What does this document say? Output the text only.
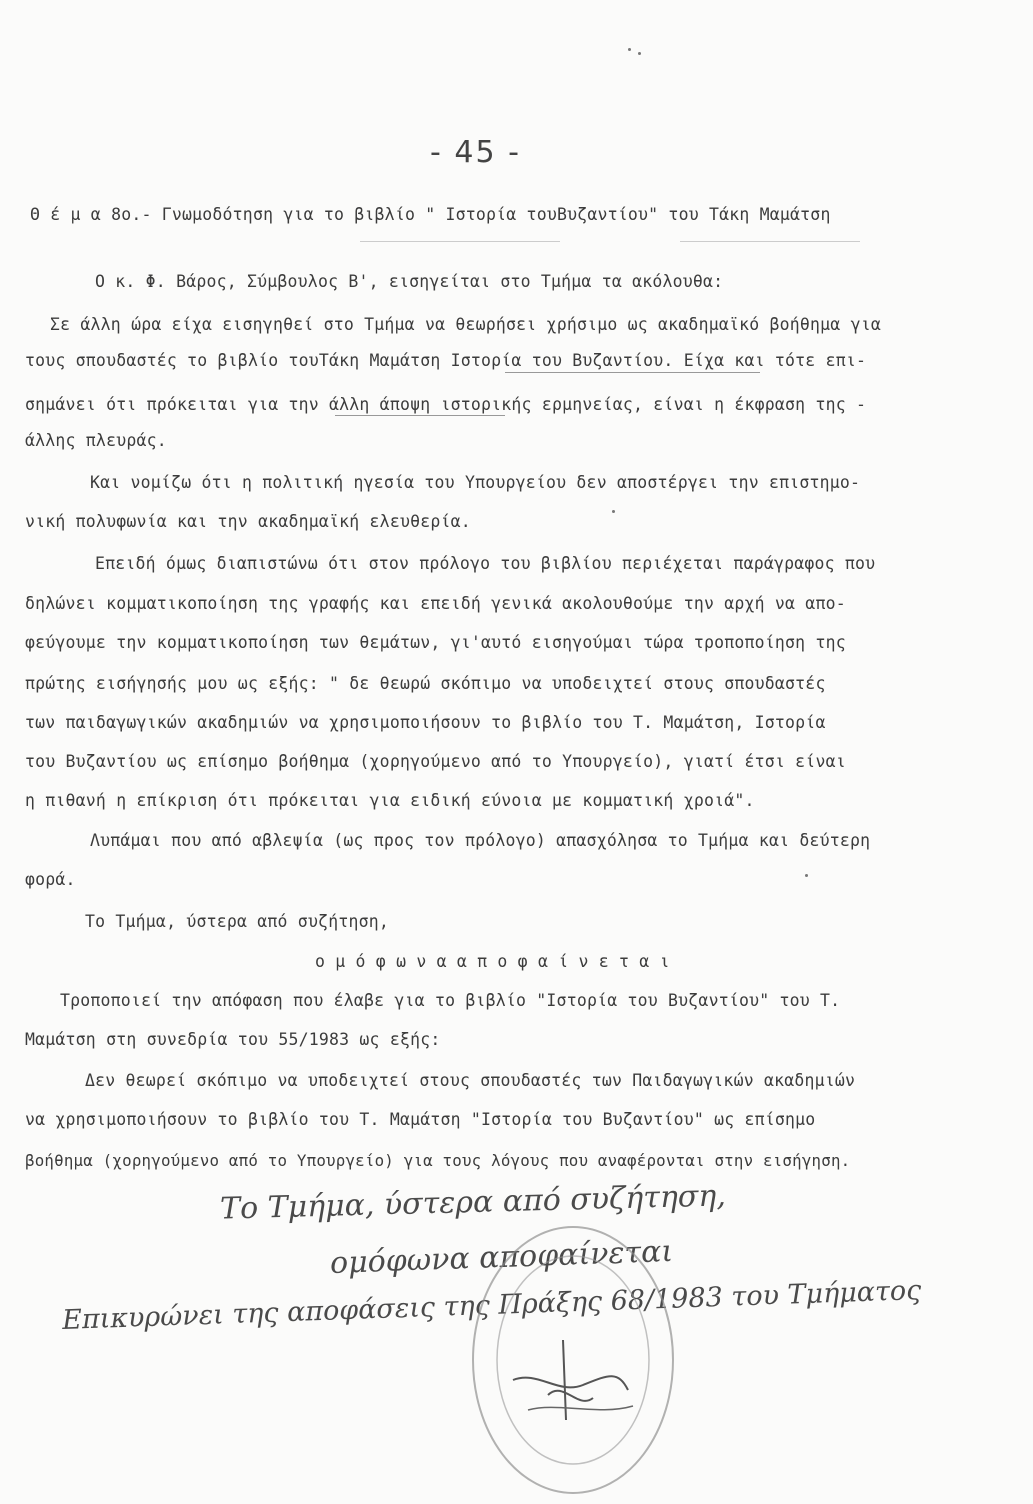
- 45 -
Θ έ μ α 8ο.- Γνωμοδότηση για το βιβλίο " Ιστορία τουΒυζαντίου" του Τάκη Μαμάτση
Ο κ. Φ. Βάρος, Σύμβουλος Β', εισηγείται στο Τμήμα τα ακόλουθα:
Σε άλλη ώρα είχα εισηγηθεί στο Τμήμα να θεωρήσει χρήσιμο ως ακαδημαϊκό βοήθημα για
τους σπουδαστές το βιβλίο τουΤάκη Μαμάτση Ιστορία του Βυζαντίου. Είχα και τότε επι-
σημάνει ότι πρόκειται για την άλλη άποψη ιστορικής ερμηνείας, είναι η έκφραση της -
άλλης πλευράς.
Και νομίζω ότι η πολιτική ηγεσία του Υπουργείου δεν αποστέργει την επιστημο-
νική πολυφωνία και την ακαδημαϊκή ελευθερία.
Επειδή όμως διαπιστώνω ότι στον πρόλογο του βιβλίου περιέχεται παράγραφος που
δηλώνει κομματικοποίηση της γραφής και επειδή γενικά ακολουθούμε την αρχή να απο-
φεύγουμε την κομματικοποίηση των θεμάτων, γι'αυτό εισηγούμαι τώρα τροποποίηση της
πρώτης εισήγησής μου ως εξής: " δε θεωρώ σκόπιμο να υποδειχτεί στους σπουδαστές
των παιδαγωγικών ακαδημιών να χρησιμοποιήσουν το βιβλίο του Τ. Μαμάτση, Ιστορία
του Βυζαντίου ως επίσημο βοήθημα (χορηγούμενο από το Υπουργείο), γιατί έτσι είναι
η πιθανή η επίκριση ότι πρόκειται για ειδική εύνοια με κομματική χροιά".
Λυπάμαι που από αβλεψία (ως προς τον πρόλογο) απασχόλησα το Τμήμα και δεύτερη
φορά.
Το Τμήμα, ύστερα από συζήτηση,
ο μ ό φ ω ν α α π ο φ α ί ν ε τ α ι
Τροποποιεί την απόφαση που έλαβε για το βιβλίο "Ιστορία του Βυζαντίου" του Τ.
Μαμάτση στη συνεδρία του 55/1983 ως εξής:
Δεν θεωρεί σκόπιμο να υποδειχτεί στους σπουδαστές των Παιδαγωγικών ακαδημιών
να χρησιμοποιήσουν το βιβλίο του Τ. Μαμάτση "Ιστορία του Βυζαντίου" ως επίσημο
βοήθημα (χορηγούμενο από το Υπουργείο) για τους λόγους που αναφέρονται στην εισήγηση.
Το Τμήμα, ύστερα από συζήτηση,
ομόφωνα αποφαίνεται
Επικυρώνει της αποφάσεις της Πράξης 68/1983 του Τμήματος
